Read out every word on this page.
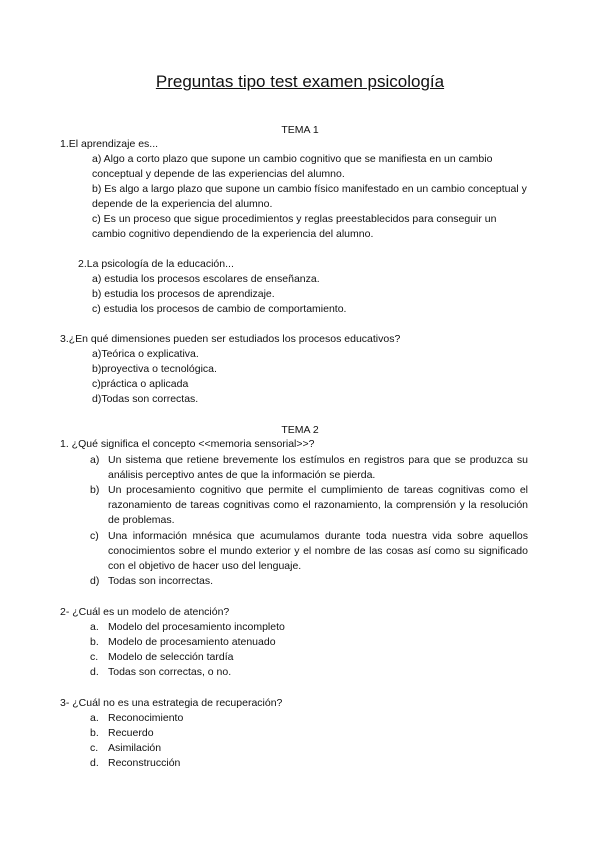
Preguntas tipo test examen psicología
TEMA 1
1.El aprendizaje es...
a) Algo a corto plazo que supone un cambio cognitivo que se manifiesta en un cambio conceptual y depende de las experiencias del alumno.
b) Es algo a largo plazo que supone un cambio físico manifestado en un cambio conceptual y depende de la experiencia del alumno.
c) Es un proceso que sigue procedimientos y reglas preestablecidos para conseguir un cambio cognitivo dependiendo de la experiencia del alumno.
2.La psicología de la educación...
a) estudia los procesos escolares de enseñanza.
b) estudia los procesos de aprendizaje.
c) estudia los procesos de cambio de comportamiento.
3.¿En qué dimensiones pueden ser estudiados los procesos educativos?
a)Teórica o explicativa.
b)proyectiva o tecnológica.
c)práctica o aplicada
d)Todas son correctas.
TEMA 2
1. ¿Qué significa el concepto <<memoria sensorial>>?
a) Un sistema que retiene brevemente los estímulos en registros para que se produzca su análisis perceptivo antes de que la información se pierda.
b) Un procesamiento cognitivo que permite el cumplimiento de tareas cognitivas como el razonamiento de tareas cognitivas como el razonamiento, la comprensión y la resolución de problemas.
c) Una información mnésica que acumulamos durante toda nuestra vida sobre aquellos conocimientos sobre el mundo exterior y el nombre de las cosas así como su significado con el objetivo de hacer uso del lenguaje.
d) Todas son incorrectas.
2- ¿Cuál es un modelo de atención?
a. Modelo del procesamiento incompleto
b. Modelo de procesamiento atenuado
c. Modelo de selección tardía
d. Todas son correctas, o no.
3- ¿Cuál no es una estrategia de recuperación?
a. Reconocimiento
b. Recuerdo
c. Asimilación
d. Reconstrucción
